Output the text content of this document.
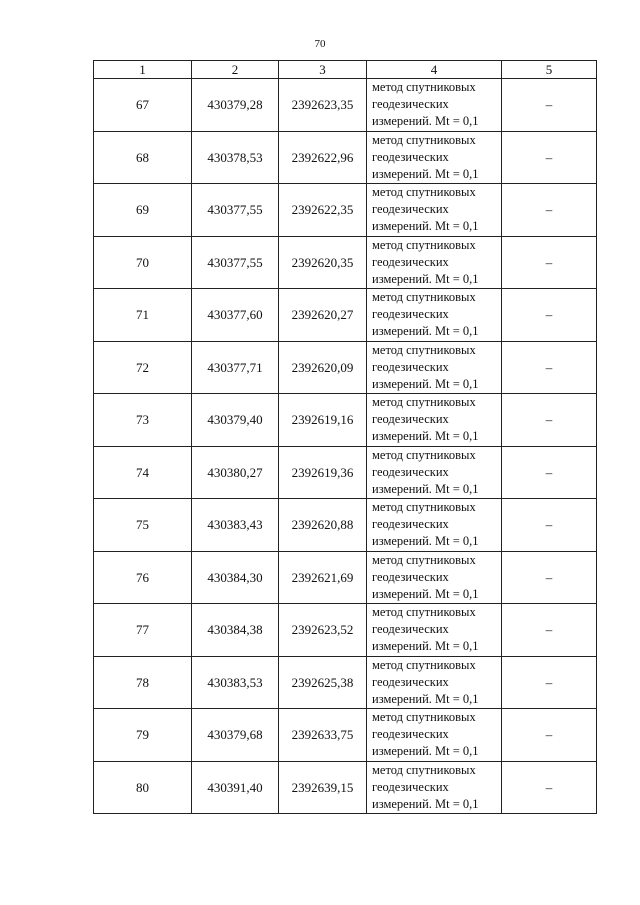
70
1	2	3	4	5
67	430379,28	2392623,35	метод спутниковых
геодезических
измерений. Mt = 0,1	–
68	430378,53	2392622,96	метод спутниковых
геодезических
измерений. Mt = 0,1	–
69	430377,55	2392622,35	метод спутниковых
геодезических
измерений. Mt = 0,1	–
70	430377,55	2392620,35	метод спутниковых
геодезических
измерений. Mt = 0,1	–
71	430377,60	2392620,27	метод спутниковых
геодезических
измерений. Mt = 0,1	–
72	430377,71	2392620,09	метод спутниковых
геодезических
измерений. Mt = 0,1	–
73	430379,40	2392619,16	метод спутниковых
геодезических
измерений. Mt = 0,1	–
74	430380,27	2392619,36	метод спутниковых
геодезических
измерений. Mt = 0,1	–
75	430383,43	2392620,88	метод спутниковых
геодезических
измерений. Mt = 0,1	–
76	430384,30	2392621,69	метод спутниковых
геодезических
измерений. Mt = 0,1	–
77	430384,38	2392623,52	метод спутниковых
геодезических
измерений. Mt = 0,1	–
78	430383,53	2392625,38	метод спутниковых
геодезических
измерений. Mt = 0,1	–
79	430379,68	2392633,75	метод спутниковых
геодезических
измерений. Mt = 0,1	–
80	430391,40	2392639,15	метод спутниковых
геодезических
измерений. Mt = 0,1	–
